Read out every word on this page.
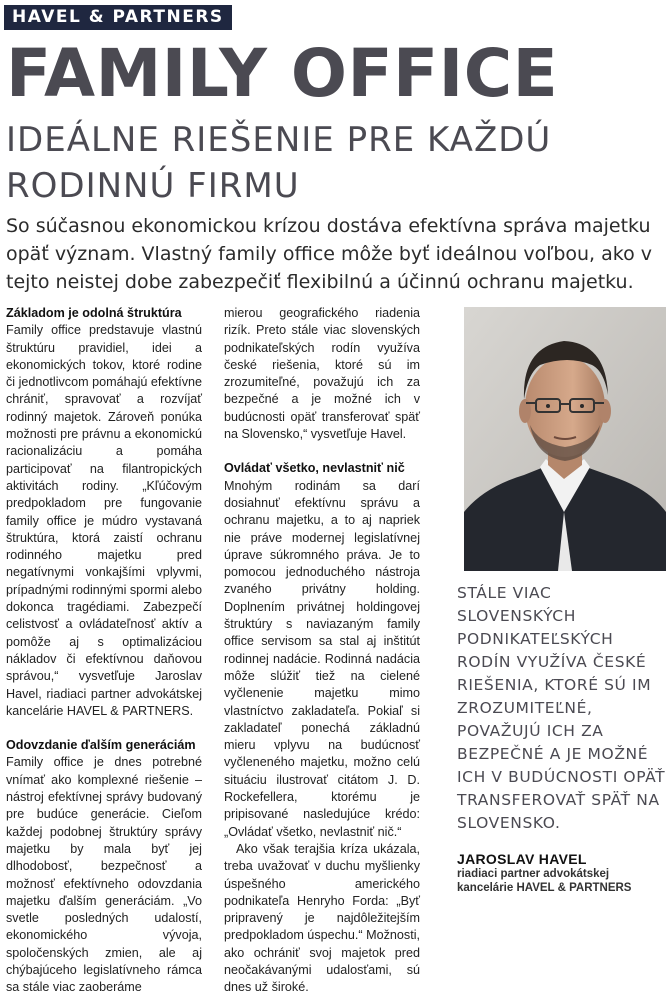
HAVEL & PARTNERS
FAMILY OFFICE
IDEÁLNE RIEŠENIE PRE KAŽDÚ RODINNÚ FIRMU

So súčasnou ekonomickou krízou dostáva efektívna správa majetku opäť význam. Vlastný family office môže byť ideálnou voľbou, ako v tejto neistej dobe zabezpečiť flexibilnú a účinnú ochranu majetku.

Základom je odolná štruktúra

Family office predstavuje vlastnú štruktúru pravidiel, idei a ekonomických tokov, ktoré rodine či jednotlivcom pomáhajú efektívne chrániť, spravovať a rozvíjať rodinný majetok. Zároveň ponúka možnosti pre právnu a ekonomickú racionalizáciu a pomáha participovať na filantropických aktivitách rodiny. „Kľúčovým predpokladom pre fungovanie family office je múdro vystavaná štruktúra, ktorá zaistí ochranu rodinného majetku pred negatívnymi vonkajšími vplyvmi, prípadnými rodinnými spormi alebo dokonca tragédiami. Zabezpečí celistvosť a ovládateľnosť aktív a pomôže aj s optimalizáciou nákladov či efektívnou daňovou správou,“ vysvetľuje Jaroslav Havel, riadiaci partner advokátskej kancelárie HAVEL & PARTNERS.

Odovzdanie ďalším generáciám

Family office je dnes potrebné vnímať ako komplexné riešenie – nástroj efektívnej správy budovaný pre budúce generácie. Cieľom každej podobnej štruktúry správy majetku by mala byť jej dlhodobosť, bezpečnosť a možnosť efektívneho odovzdania majetku ďalším generáciám. „Vo svetle posledných udalostí, ekonomického vývoja, spoločenských zmien, ale aj chýbajúceho legislatívneho rámca sa stále viac zaoberáme

mierou geografického riadenia rizík. Preto stále viac slovenských podnikateľských rodín využíva české riešenia, ktoré sú im zrozumiteľné, považujú ich za bezpečné a je možné ich v budúcnosti opäť transferovať späť na Slovensko,“ vysvetľuje Havel.

Ovládať všetko, nevlastniť nič

Mnohým rodinám sa darí dosiahnuť efektívnu správu a ochranu majetku, a to aj napriek nie práve modernej legislatívnej úprave súkromného práva. Je to pomocou jednoduchého nástroja zvaného privátny holding. Doplnením privátnej holdingovej štruktúry s naviazaným family office servisom sa stal aj inštitút rodinnej nadácie. Rodinná nadácia môže slúžiť tiež na cielené vyčlenenie majetku mimo vlastníctvo zakladateľa. Pokiaľ si zakladateľ ponechá základnú mieru vplyvu na budúcnosť vyčleneného majetku, možno celú situáciu ilustrovať citátom J. D. Rockefellera, ktorému je pripisované nasledujúce krédo: „Ovládať všetko, nevlastniť nič.“

Ako však terajšia kríza ukázala, treba uvažovať v duchu myšlienky úspešného amerického podnikateľa Henryho Forda: „Byť pripravený je najdôležitejším predpokladom úspechu.“ Možnosti, ako ochrániť svoj majetok pred neočakávanými udalosťami, sú dnes už široké.

STÁLE VIAC SLOVENSKÝCH PODNIKATEĽSKÝCH RODÍN VYUŽÍVA ČESKÉ RIEŠENIA, KTORÉ SÚ IM ZROZUMITEĽNÉ, POVAŽUJÚ ICH ZA BEZPEČNÉ A JE MOŽNÉ ICH V BUDÚCNOSTI OPÄŤ TRANSFEROVAŤ SPÄŤ NA SLOVENSKO.

JAROSLAV HAVEL
riadiaci partner advokátskej kancelárie HAVEL & PARTNERS
